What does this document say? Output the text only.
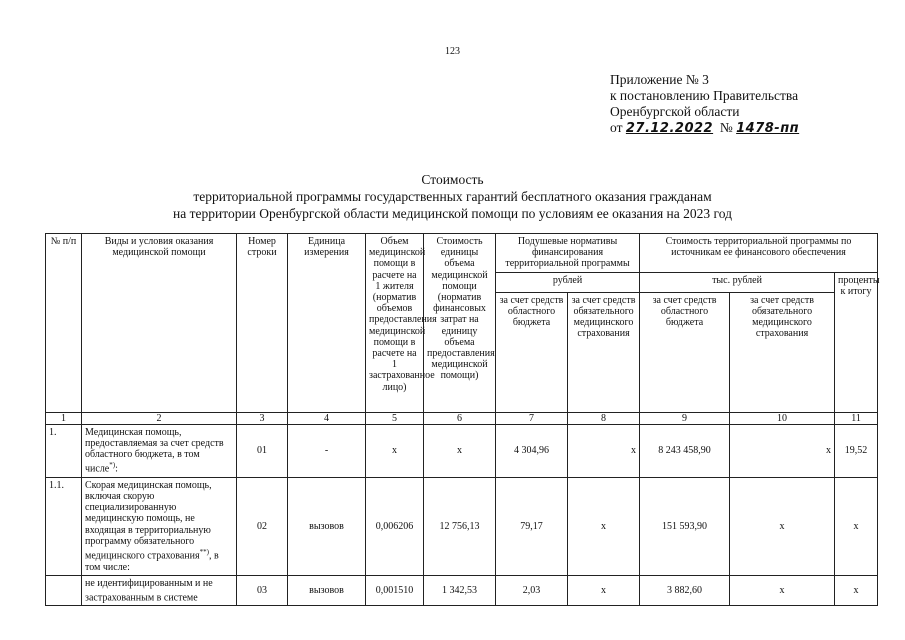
123
Приложение № 3
к постановлению Правительства
Оренбургской области
от 27.12.2022 № 1478-пп
Стоимость
территориальной программы государственных гарантий бесплатного оказания гражданам
на территории Оренбургской области медицинской помощи по условиям ее оказания на 2023 год
№ п/п	Виды и условия оказания медицинской помощи	Номер строки	Единица измерения	Объем медицинской помощи в расчете на 1 жителя (норматив объемов предоставления медицинской помощи в расчете на 1 застрахованное лицо)	Стоимость единицы объема медицинской помощи (норматив финансовых затрат на единицу объема предоставления медицинской помощи)	Подушевые нормативы финансирования территориальной программы		Стоимость территориальной программы по источникам ее финансового обеспечения		
						рублей		тыс. рублей		проценты к итогу
						за счет средств областного бюджета	за счет средств обязательного медицинского страхования	за счет средств областного бюджета	за счет средств обязательного медицинского страхования	

1	2	3	4	5	6	7	8	9	10	11
1.	Медицинская помощь, предоставляемая за счет средств областного бюджета, в том числе*):	01	-	х	х	4 304,96	х	8 243 458,90	х	19,52
1.1.	Скорая медицинская помощь, включая скорую специализированную медицинскую помощь, не входящая в территориальную программу обязательного медицинского страхования**), в том числе:	02	вызовов	0,006206	12 756,13	79,17	х	151 593,90	х	х
	не идентифицированным и не застрахованным в системе	03	вызовов	0,001510	1 342,53	2,03	х	3 882,60	х	х
